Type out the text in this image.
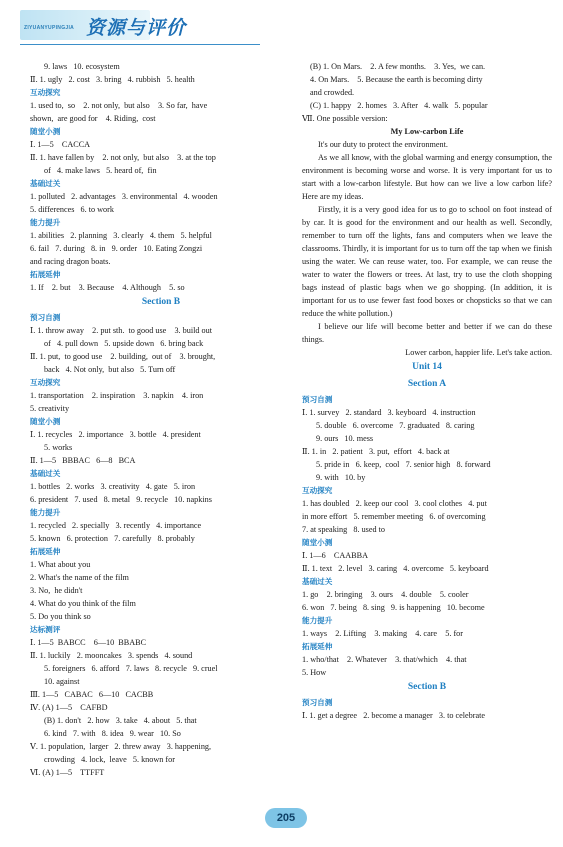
ZIYUANYUPINGJIA 资源与评价
9. laws   10. ecosystem
Ⅱ. 1. ugly   2. cost   3. bring   4. rubbish   5. health
互动探究
1. used to,  so    2. not only,  but also    3. So far,  have
shown,  are good for    4. Riding,  cost
随堂小测
Ⅰ. 1—5    CACCA
Ⅱ. 1. have fallen by    2. not only,  but also    3. at the top
of   4. make laws   5. heard of,  fin
基础过关
1. polluted   2. advantages   3. environmental   4. wooden
5. differences   6. to work
能力提升
1. abilities   2. planning   3. clearly   4. them   5. helpful
6. fail   7. during   8. in   9. order   10. Eating Zongzi
and racing dragon boats.
拓展延伸
1. If    2. but    3. Because    4. Although    5. so
Section B
预习自测
Ⅰ. 1. throw away    2. put sth.  to good use    3. build out
of   4. pull down   5. upside down   6. bring back
Ⅱ. 1. put,  to good use    2. building,  out of    3. brought,
back   4. Not only,  but also   5. Turn off
互动探究
1. transportation    2. inspiration    3. napkin    4. iron
5. creativity
随堂小测
Ⅰ. 1. recycles   2. importance   3. bottle   4. president
5. works
Ⅱ. 1—5   BBBAC   6—8   BCA
基础过关
1. bottles   2. works   3. creativity   4. gate   5. iron
6. president   7. used   8. metal   9. recycle   10. napkins
能力提升
1. recycled   2. specially   3. recently   4. importance
5. known   6. protection   7. carefully   8. probably
拓展延伸
1. What about you
2. What's the name of the film
3. No,  he didn't
4. What do you think of the film
5. Do you think so
达标测评
Ⅰ. 1—5  BABCC    6—10  BBABC
Ⅱ. 1. luckily   2. mooncakes   3. spends   4. sound
5. foreigners   6. afford   7. laws   8. recycle   9. cruel
10. against
Ⅲ. 1—5   CABAC   6—10   CACBB
Ⅳ. (A) 1—5    CAFBD
(B) 1. don't   2. how   3. take   4. about   5. that
6. kind   7. with   8. idea   9. wear   10. So
Ⅴ. 1. population,  larger   2. threw away   3. happening,
crowding   4. lock,  leave   5. known for
Ⅵ. (A) 1—5    TTFFT
(B) 1. On Mars.    2. A few months.    3. Yes,  we can.
4. On Mars.    5. Because the earth is becoming dirty
and crowded.
(C) 1. happy   2. homes   3. After   4. walk   5. popular
Ⅶ. One possible version:
My Low-carbon Life
It's our duty to protect the environment.
As we all know, with the global warming and energy consumption, the environment is becoming worse and worse. It is very important for us to start with a low-carbon lifestyle. But how can we live a low carbon life? Here are my ideas.
Firstly, it is a very good idea for us to go to school on foot instead of by car. It is good for the environment and our health as well. Secondly, remember to turn off the lights, fans and computers when we leave the classrooms. Thirdly, it is important for us to turn off the tap when we finish using the water. We can reuse water, too. For example, we can reuse the water to water the flowers or trees. At last, try to use the cloth shopping bags instead of plastic bags when we go shopping. (In addition, it is important for us to use fewer fast food boxes or chopsticks so that we can reduce the white pollution.)
I believe our life will become better and better if we can do these things.
Lower carbon, happier life. Let's take action.
Unit 14
Section A
预习自测
Ⅰ. 1. survey   2. standard   3. keyboard   4. instruction
5. double   6. overcome   7. graduated   8. caring
9. ours   10. mess
Ⅱ. 1. in   2. patient   3. put,  effort   4. back at
5. pride in   6. keep,  cool   7. senior high   8. forward
9. with   10. by
互动探究
1. has doubled   2. keep our cool   3. cool clothes   4. put
in more effort   5. remember meeting   6. of overcoming
7. at speaking   8. used to
随堂小测
Ⅰ. 1—6    CAABBA
Ⅱ. 1. text   2. level   3. caring   4. overcome   5. keyboard
基础过关
1. go    2. bringing    3. ours    4. double    5. cooler
6. won   7. being   8. sing   9. is happening   10. become
能力提升
1. ways    2. Lifting    3. making    4. care    5. for
拓展延伸
1. who/that    2. Whatever    3. that/which    4. that
5. How
Section B
预习自测
Ⅰ. 1. get a degree   2. become a manager   3. to celebrate
205
